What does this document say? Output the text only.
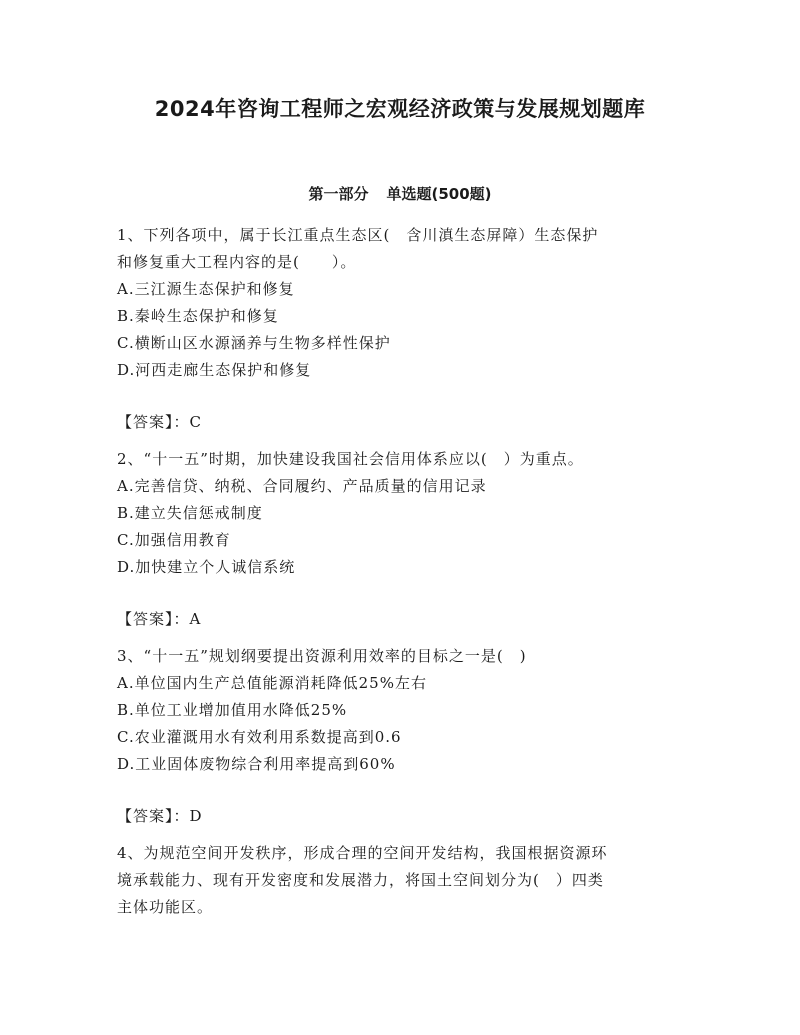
2024年咨询工程师之宏观经济政策与发展规划题库
第一部分 单选题(500题)
1、下列各项中，属于长江重点生态区(　含川滇生态屏障）生态保护
和修复重大工程内容的是(　　）。
A.三江源生态保护和修复
B.秦岭生态保护和修复
C.横断山区水源涵养与生物多样性保护
D.河西走廊生态保护和修复
【答案】：C
2、“十一五”时期，加快建设我国社会信用体系应以(　）为重点。
A.完善信贷、纳税、合同履约、产品质量的信用记录
B.建立失信惩戒制度
C.加强信用教育
D.加快建立个人诚信系统
【答案】：A
3、“十一五”规划纲要提出资源利用效率的目标之一是(　)
A.单位国内生产总值能源消耗降低25%左右
B.单位工业增加值用水降低25%
C.农业灌溉用水有效利用系数提高到0.6
D.工业固体废物综合利用率提高到60%
【答案】：D
4、为规范空间开发秩序，形成合理的空间开发结构，我国根据资源环
境承载能力、现有开发密度和发展潜力，将国土空间划分为(　）四类
主体功能区。
